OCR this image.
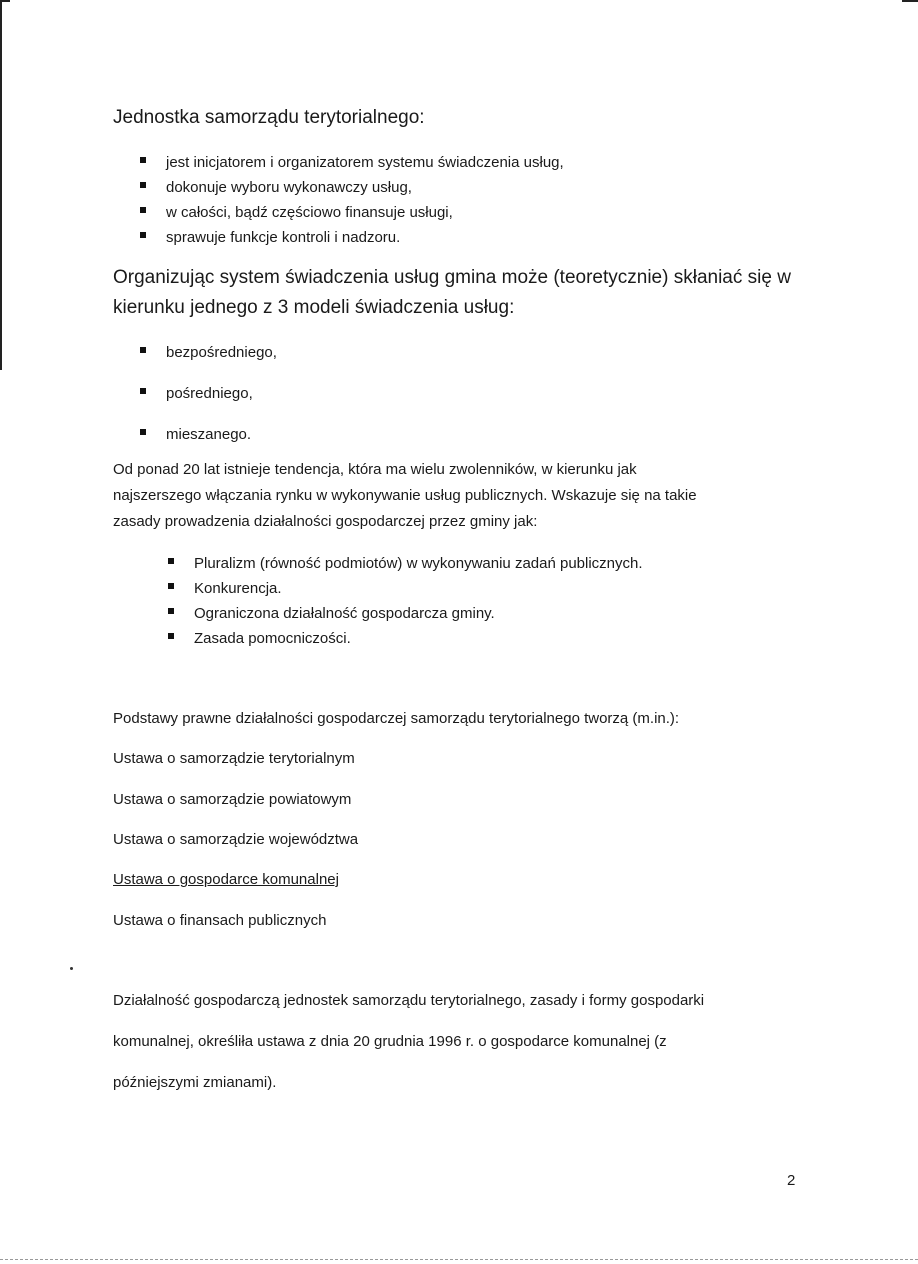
Jednostka samorządu terytorialnego:
jest inicjatorem i organizatorem systemu świadczenia usług,
dokonuje wyboru wykonawczy usług,
w całości, bądź częściowo finansuje usługi,
sprawuje funkcje kontroli i nadzoru.
Organizując system świadczenia usług gmina może (teoretycznie) skłaniać się w
kierunku jednego z 3 modeli świadczenia usług:
bezpośredniego,
pośredniego,
mieszanego.
Od ponad 20 lat istnieje tendencja, która ma wielu zwolenników, w kierunku jak
najszerszego włączania rynku w wykonywanie usług publicznych. Wskazuje się na takie
zasady prowadzenia działalności gospodarczej przez gminy jak:
Pluralizm (równość podmiotów) w wykonywaniu zadań publicznych.
Konkurencja.
Ograniczona działalność gospodarcza gminy.
Zasada pomocniczości.
Podstawy prawne działalności gospodarczej samorządu terytorialnego tworzą (m.in.):
Ustawa o samorządzie terytorialnym
Ustawa o samorządzie powiatowym
Ustawa o samorządzie województwa
Ustawa o gospodarce komunalnej
Ustawa o finansach publicznych
Działalność gospodarczą jednostek samorządu terytorialnego, zasady i formy gospodarki
komunalnej, określiła ustawa z dnia 20 grudnia 1996 r. o gospodarce komunalnej (z
późniejszymi zmianami).
2
